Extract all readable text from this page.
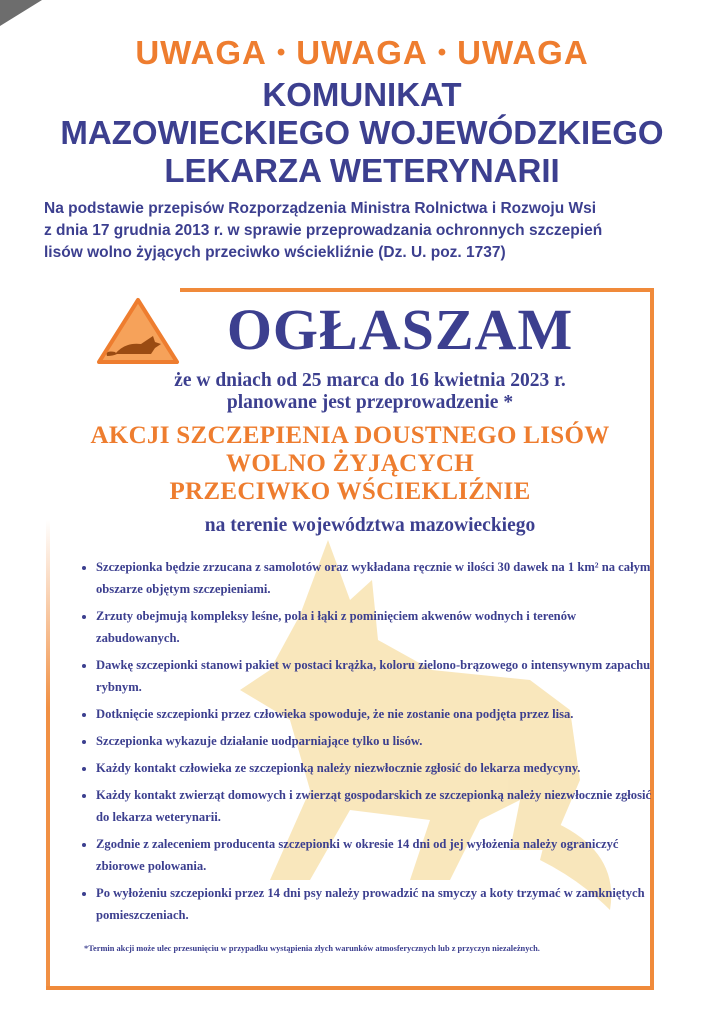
UWAGA • UWAGA • UWAGA
KOMUNIKAT
MAZOWIECKIEGO WOJEWÓDZKIEGO
LEKARZA WETERYNARII
Na podstawie przepisów Rozporządzenia Ministra Rolnictwa i Rozwoju Wsi
z dnia 17 grudnia 2013 r. w sprawie przeprowadzania ochronnych szczepień
lisów wolno żyjących przeciwko wściekliźnie (Dz. U. poz. 1737)
OGŁASZAM
że w dniach od 25 marca do 16 kwietnia 2023 r.
planowane jest przeprowadzenie *
AKCJI SZCZEPIENIA DOUSTNEGO LISÓW
WOLNO ŻYJĄCYCH
PRZECIWKO WŚCIEKLIŹNIE
na terenie województwa mazowieckiego
• Szczepionka będzie zrzucana z samolotów oraz wykładana ręcznie w ilości 30 dawek na 1 km² na całym obszarze objętym szczepieniami.
• Zrzuty obejmują kompleksy leśne, pola i łąki z pominięciem akwenów wodnych i terenów zabudowanych.
• Dawkę szczepionki stanowi pakiet w postaci krążka, koloru zielono-brązowego o intensywnym zapachu rybnym.
• Dotknięcie szczepionki przez człowieka spowoduje, że nie zostanie ona podjęta przez lisa.
• Szczepionka wykazuje działanie uodparniające tylko u lisów.
• Każdy kontakt człowieka ze szczepionką należy niezwłocznie zgłosić do lekarza medycyny.
• Każdy kontakt zwierząt domowych i zwierząt gospodarskich ze szczepionką należy niezwłocznie zgłosić do lekarza weterynarii.
• Zgodnie z zaleceniem producenta szczepionki w okresie 14 dni od jej wyłożenia należy ograniczyć zbiorowe polowania.
• Po wyłożeniu szczepionki przez 14 dni psy należy prowadzić na smyczy a koty trzymać w zamkniętych pomieszczeniach.
*Termin akcji może ulec przesunięciu w przypadku wystąpienia złych warunków atmosferycznych lub z przyczyn niezależnych.
